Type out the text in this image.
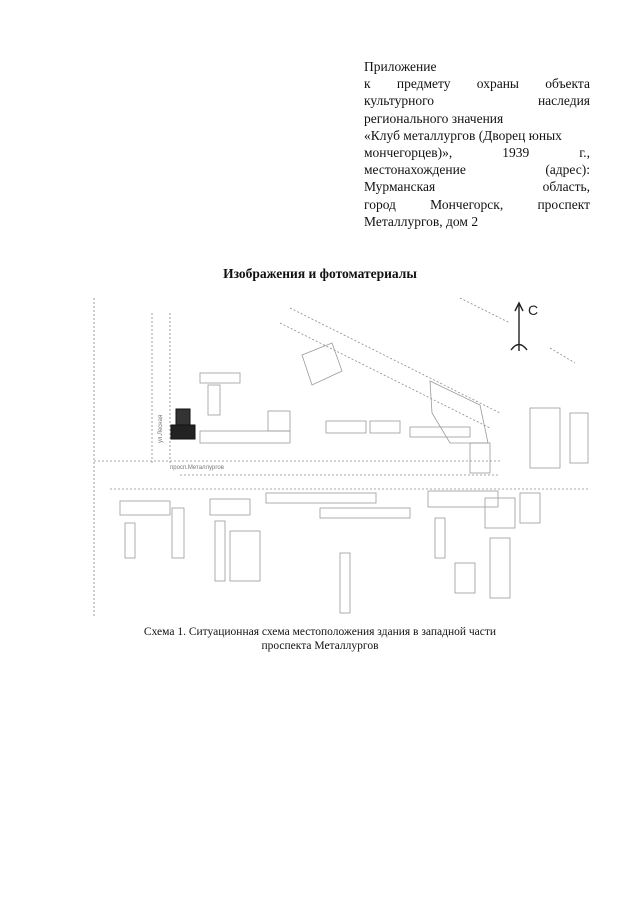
Приложение
к предмету охраны объекта
культурного	наследия
регионального значения
«Клуб металлургов (Дворец юных
мончегорцев)»,	1939	г.,
местонахождение	(адрес):
Мурманская	область,
город	Мончегорск,	проспект
Металлургов, дом 2
Изображения и фотоматериалы
С
просп.Металлургов
ул.Лесная
Схема 1. Ситуационная схема местоположения здания в западной части
проспекта Металлургов
